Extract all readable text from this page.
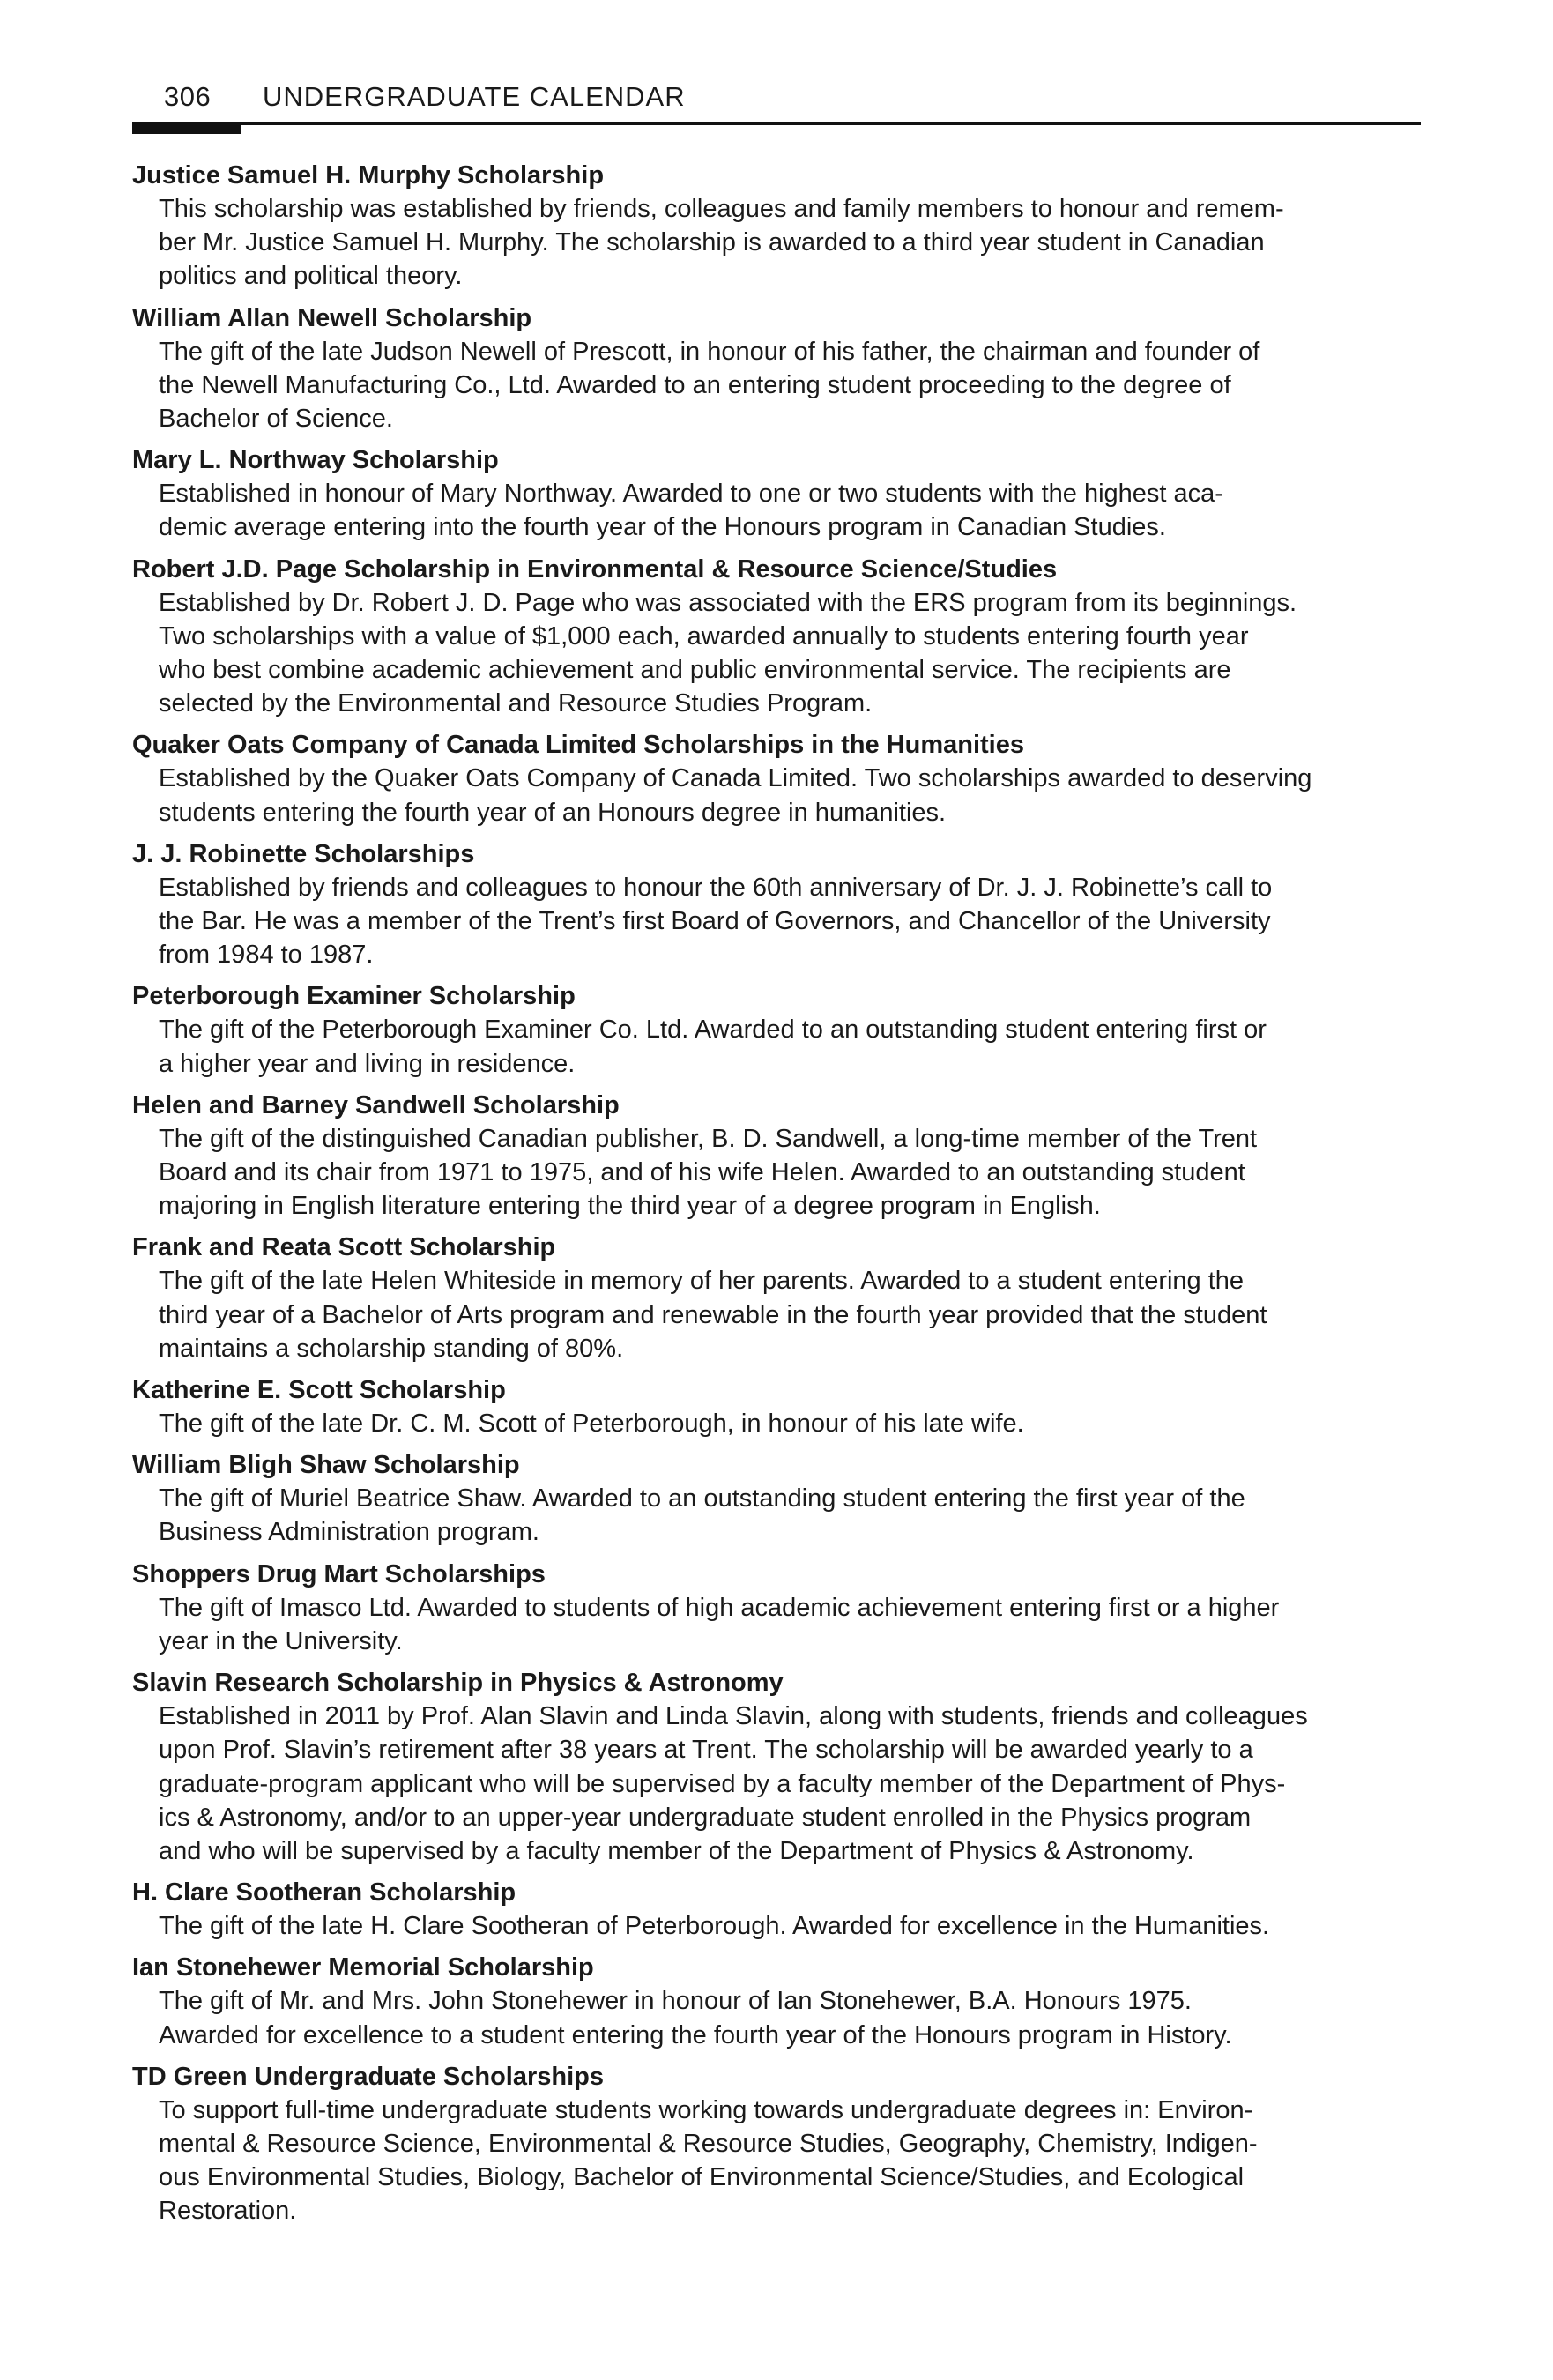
306 UNDERGRADUATE CALENDAR

Justice Samuel H. Murphy Scholarship

This scholarship was established by friends, colleagues and family members to honour and remem-
ber Mr. Justice Samuel H. Murphy. The scholarship is awarded to a third year student in Canadian
politics and political theory.

William Allan Newell Scholarship

The gift of the late Judson Newell of Prescott, in honour of his father, the chairman and founder of
the Newell Manufacturing Co., Ltd. Awarded to an entering student proceeding to the degree of
Bachelor of Science.

Mary L. Northway Scholarship

Established in honour of Mary Northway. Awarded to one or two students with the highest aca-
demic average entering into the fourth year of the Honours program in Canadian Studies.

Robert J.D. Page Scholarship in Environmental & Resource Science/Studies

Established by Dr. Robert J. D. Page who was associated with the ERS program from its beginnings.
Two scholarships with a value of $1,000 each, awarded annually to students entering fourth year
who best combine academic achievement and public environmental service. The recipients are
selected by the Environmental and Resource Studies Program.

Quaker Oats Company of Canada Limited Scholarships in the Humanities

Established by the Quaker Oats Company of Canada Limited. Two scholarships awarded to deserving
students entering the fourth year of an Honours degree in humanities.

J. J. Robinette Scholarships

Established by friends and colleagues to honour the 60th anniversary of Dr. J. J. Robinette’s call to
the Bar. He was a member of the Trent’s first Board of Governors, and Chancellor of the University
from 1984 to 1987.

Peterborough Examiner Scholarship

The gift of the Peterborough Examiner Co. Ltd. Awarded to an outstanding student entering first or
a higher year and living in residence.

Helen and Barney Sandwell Scholarship

The gift of the distinguished Canadian publisher, B. D. Sandwell, a long-time member of the Trent
Board and its chair from 1971 to 1975, and of his wife Helen. Awarded to an outstanding student
majoring in English literature entering the third year of a degree program in English.

Frank and Reata Scott Scholarship

The gift of the late Helen Whiteside in memory of her parents. Awarded to a student entering the
third year of a Bachelor of Arts program and renewable in the fourth year provided that the student
maintains a scholarship standing of 80%.

Katherine E. Scott Scholarship

The gift of the late Dr. C. M. Scott of Peterborough, in honour of his late wife.

William Bligh Shaw Scholarship

The gift of Muriel Beatrice Shaw. Awarded to an outstanding student entering the first year of the
Business Administration program.

Shoppers Drug Mart Scholarships

The gift of Imasco Ltd. Awarded to students of high academic achievement entering first or a higher
year in the University.

Slavin Research Scholarship in Physics & Astronomy

Established in 2011 by Prof. Alan Slavin and Linda Slavin, along with students, friends and colleagues
upon Prof. Slavin’s retirement after 38 years at Trent. The scholarship will be awarded yearly to a
graduate-program applicant who will be supervised by a faculty member of the Department of Phys-
ics & Astronomy, and/or to an upper-year undergraduate student enrolled in the Physics program
and who will be supervised by a faculty member of the Department of Physics & Astronomy.

H. Clare Sootheran Scholarship

The gift of the late H. Clare Sootheran of Peterborough. Awarded for excellence in the Humanities.

Ian Stonehewer Memorial Scholarship

The gift of Mr. and Mrs. John Stonehewer in honour of Ian Stonehewer, B.A. Honours 1975.
Awarded for excellence to a student entering the fourth year of the Honours program in History.

TD Green Undergraduate Scholarships

To support full-time undergraduate students working towards undergraduate degrees in: Environ-
mental & Resource Science, Environmental & Resource Studies, Geography, Chemistry, Indigen-
ous Environmental Studies, Biology, Bachelor of Environmental Science/Studies, and Ecological
Restoration.
